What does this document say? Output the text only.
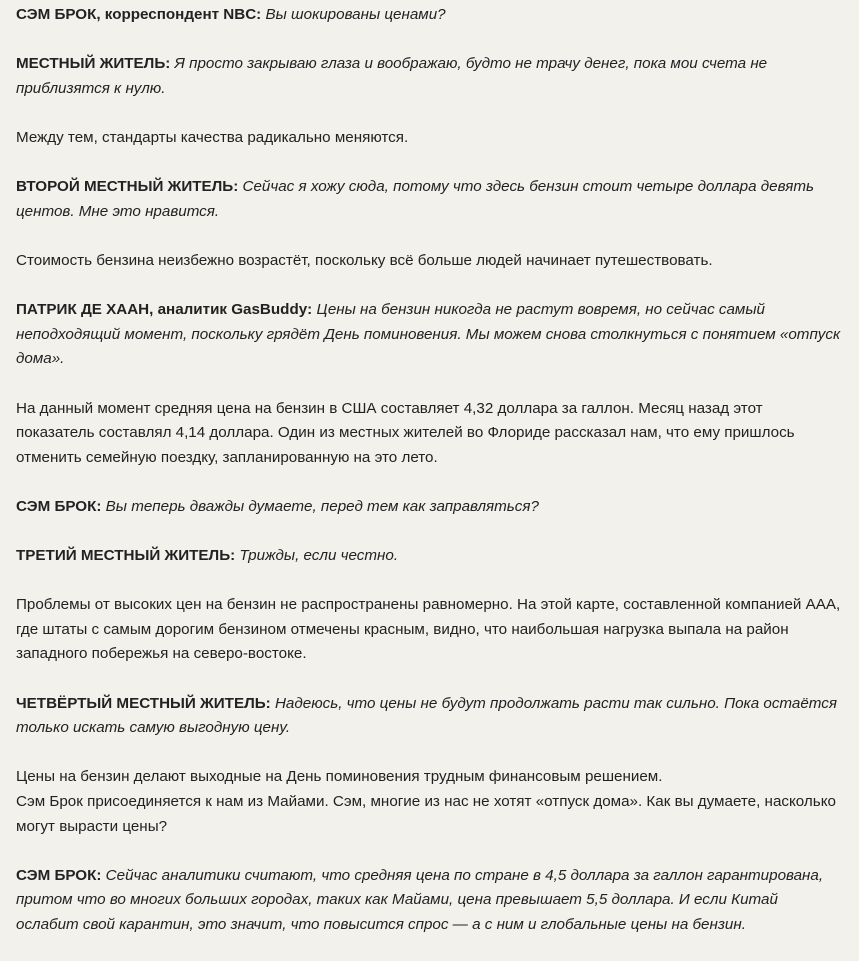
СЭМ БРОК, корреспондент NBC: Вы шокированы ценами?

МЕСТНЫЙ ЖИТЕЛЬ: Я просто закрываю глаза и воображаю, будто не трачу денег, пока мои счета не приблизятся к нулю.

Между тем, стандарты качества радикально меняются.

ВТОРОЙ МЕСТНЫЙ ЖИТЕЛЬ: Сейчас я хожу сюда, потому что здесь бензин стоит четыре доллара девять центов. Мне это нравится.

Стоимость бензина неизбежно возрастёт, поскольку всё больше людей начинает путешествовать.

ПАТРИК ДЕ ХААН, аналитик GasBuddy: Цены на бензин никогда не растут вовремя, но сейчас самый неподходящий момент, поскольку грядёт День поминовения. Мы можем снова столкнуться с понятием «отпуск дома».

На данный момент средняя цена на бензин в США составляет 4,32 доллара за галлон. Месяц назад этот показатель составлял 4,14 доллара. Один из местных жителей во Флориде рассказал нам, что ему пришлось отменить семейную поездку, запланированную на это лето.

СЭМ БРОК: Вы теперь дважды думаете, перед тем как заправляться?

ТРЕТИЙ МЕСТНЫЙ ЖИТЕЛЬ: Трижды, если честно.

Проблемы от высоких цен на бензин не распространены равномерно. На этой карте, составленной компанией AAA, где штаты с самым дорогим бензином отмечены красным, видно, что наибольшая нагрузка выпала на район западного побережья на северо-востоке.

ЧЕТВЁРТЫЙ МЕСТНЫЙ ЖИТЕЛЬ: Надеюсь, что цены не будут продолжать расти так сильно. Пока остаётся только искать самую выгодную цену.

Цены на бензин делают выходные на День поминовения трудным финансовым решением.
Сэм Брок присоединяется к нам из Майами. Сэм, многие из нас не хотят «отпуск дома». Как вы думаете, насколько могут вырасти цены?

СЭМ БРОК: Сейчас аналитики считают, что средняя цена по стране в 4,5 доллара за галлон гарантирована, притом что во многих больших городах, таких как Майами, цена превышает 5,5 доллара. И если Китай ослабит свой карантин, это значит, что повысится спрос — а с ним и глобальные цены на бензин.
